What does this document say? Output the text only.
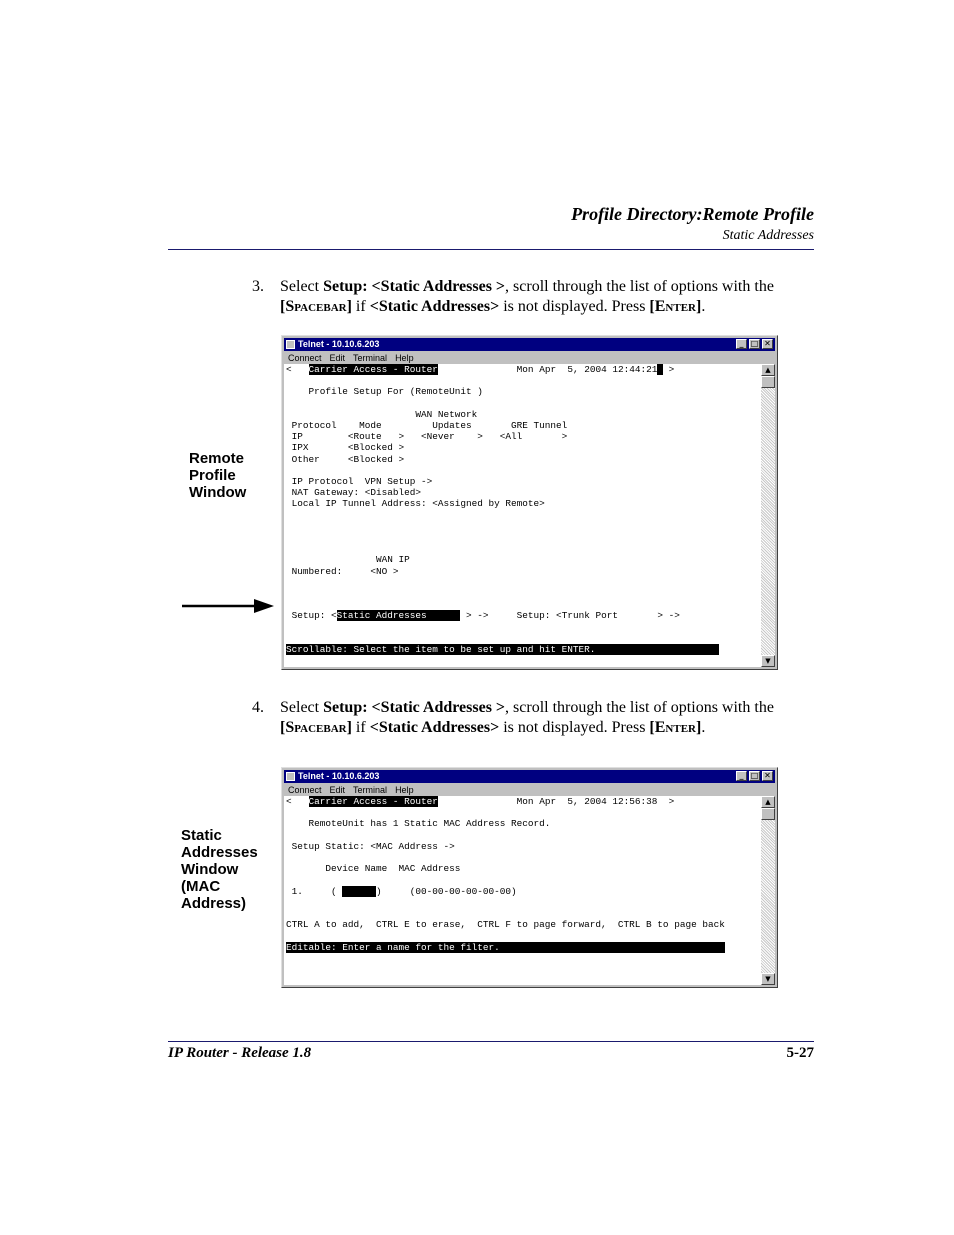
Profile Directory:Remote Profile
Static Addresses
3. Select Setup: <Static Addresses >, scroll through the list of options with the [Spacebar] if <Static Addresses> is not displayed. Press [Enter].
Remote
Profile
Window
Telnet - 10.10.6.203	_ □ ✕
Connect Edit Terminal Help
<   Carrier Access - Router              Mon Apr  5, 2004 12:44:21  >

Profile Setup For (RemoteUnit )

WAN Network
Protocol    Mode         Updates       GRE Tunnel
IP        <Route   >   <Never    >   <All       >
IPX       <Blocked >
Other     <Blocked >

IP Protocol  VPN Setup ->
NAT Gateway: <Disabled>
Local IP Tunnel Address: <Assigned by Remote>

WAN IP
Numbered:     <NO >

Setup: <Static Addresses       > ->     Setup: <Trunk Port       > ->

Scrollable: Select the item to be set up and hit ENTER.
▲
▼
4. Select Setup: <Static Addresses >, scroll through the list of options with the [Spacebar] if <Static Addresses> is not displayed. Press [Enter].
Static
Addresses
Window
(MAC
Address)
Telnet - 10.10.6.203	_ □ ✕
Connect Edit Terminal Help
<   Carrier Access - Router              Mon Apr  5, 2004 12:56:38  >

RemoteUnit has 1 Static MAC Address Record.

Setup Static: <MAC Address ->

Device Name  MAC Address

1.     (	)     (00-00-00-00-00-00)

CTRL A to add,  CTRL E to erase,  CTRL F to page forward,  CTRL B to page back

Editable: Enter a name for the filter.
▲
▼
IP Router - Release 1.8	5-27
